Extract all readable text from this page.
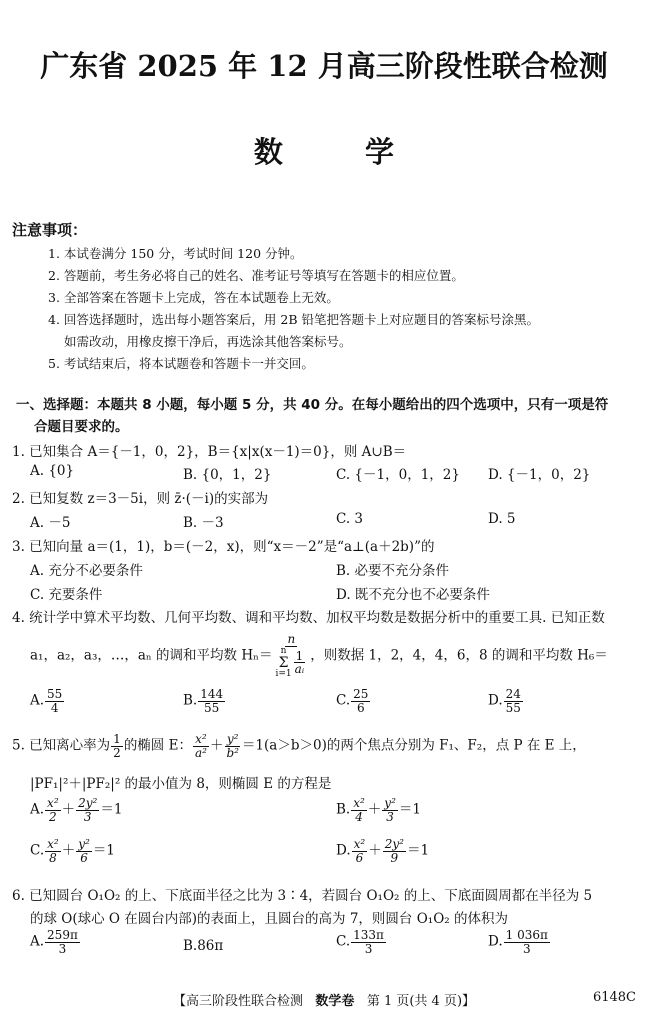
广东省 2025 年 12 月高三阶段性联合检测
数	学
注意事项：
1. 本试卷满分 150 分，考试时间 120 分钟。
2. 答题前，考生务必将自己的姓名、准考证号等填写在答题卡的相应位置。
3. 全部答案在答题卡上完成，答在本试题卷上无效。
4. 回答选择题时，选出每小题答案后，用 2B 铅笔把答题卡上对应题目的答案标号涂黑。
如需改动，用橡皮擦干净后，再选涂其他答案标号。
5. 考试结束后，将本试题卷和答题卡一并交回。
一、选择题：本题共 8 小题，每小题 5 分，共 40 分。在每小题给出的四个选项中，只有一项是符
合题目要求的。
1. 已知集合 A＝{－1，0，2}，B＝{x|x(x－1)＝0}，则 A∪B＝
A. {0}	B. {0，1，2}	C. {－1，0，1，2} D. {－1，0，2}
2. 已知复数 z＝3－5i，则 z̄·(－i)的实部为
A. －5	B. －3	C. 3	D. 5
3. 已知向量 a＝(1，1)，b＝(－2，x)，则“x＝－2”是“a⊥(a＋2b)”的
A. 充分不必要条件	B. 必要不充分条件
C. 充要条件	D. 既不充分也不必要条件
4. 统计学中算术平均数、几何平均数、调和平均数、加权平均数是数据分析中的重要工具. 已知正数
a₁，a₂，a₃，…，aₙ 的调和平均数 Hₙ＝ n
n
Σ
$i=1 \frac{1}{\text{aᵢ}}$ ，则数据 1，2，4，4，6，8 的调和平均数 H₆＝
A. $\frac{55}{4}$	B. $\frac{144}{55}$	C. $\frac{25}{6}$	D. $\frac{24}{55}$
5. 已知离心率为 $\frac{1}{2}$ 的椭圆 E： $\frac{\text{x²}}{\text{a²}} + \frac{\text{y²}}{\text{b²}} =1(a>b>0)$的两个焦点分别为 F₁、F₂，点 P 在 E 上，
|PF₁|²＋|PF₂|² 的最小值为 8，则椭圆 E 的方程是
A. $\frac{\text{x²}}{2} + \frac{\text{2y²}}{3} =1$	B. $\frac{\text{x²}}{4} + \frac{\text{y²}}{3} =1$
C. $\frac{\text{x²}}{8} + \frac{\text{y²}}{6} =1$	D. $\frac{\text{x²}}{6} + \frac{\text{2y²}}{9} =1$
6. 已知圆台 O₁O₂ 的上、下底面半径之比为 3∶4，若圆台 O₁O₂ 的上、下底面圆周都在半径为 5
的球 O(球心 O 在圆台内部)的表面上，且圆台的高为 7，则圆台 O₁O₂ 的体积为
A. $\frac{259\pi}{3}$	B.86π	C. $\frac{133\pi}{3}$	D. $\frac{1 036\pi}{3}$
【高三阶段性联合检测 数学卷 第 1 页(共 4 页)】	6148C
